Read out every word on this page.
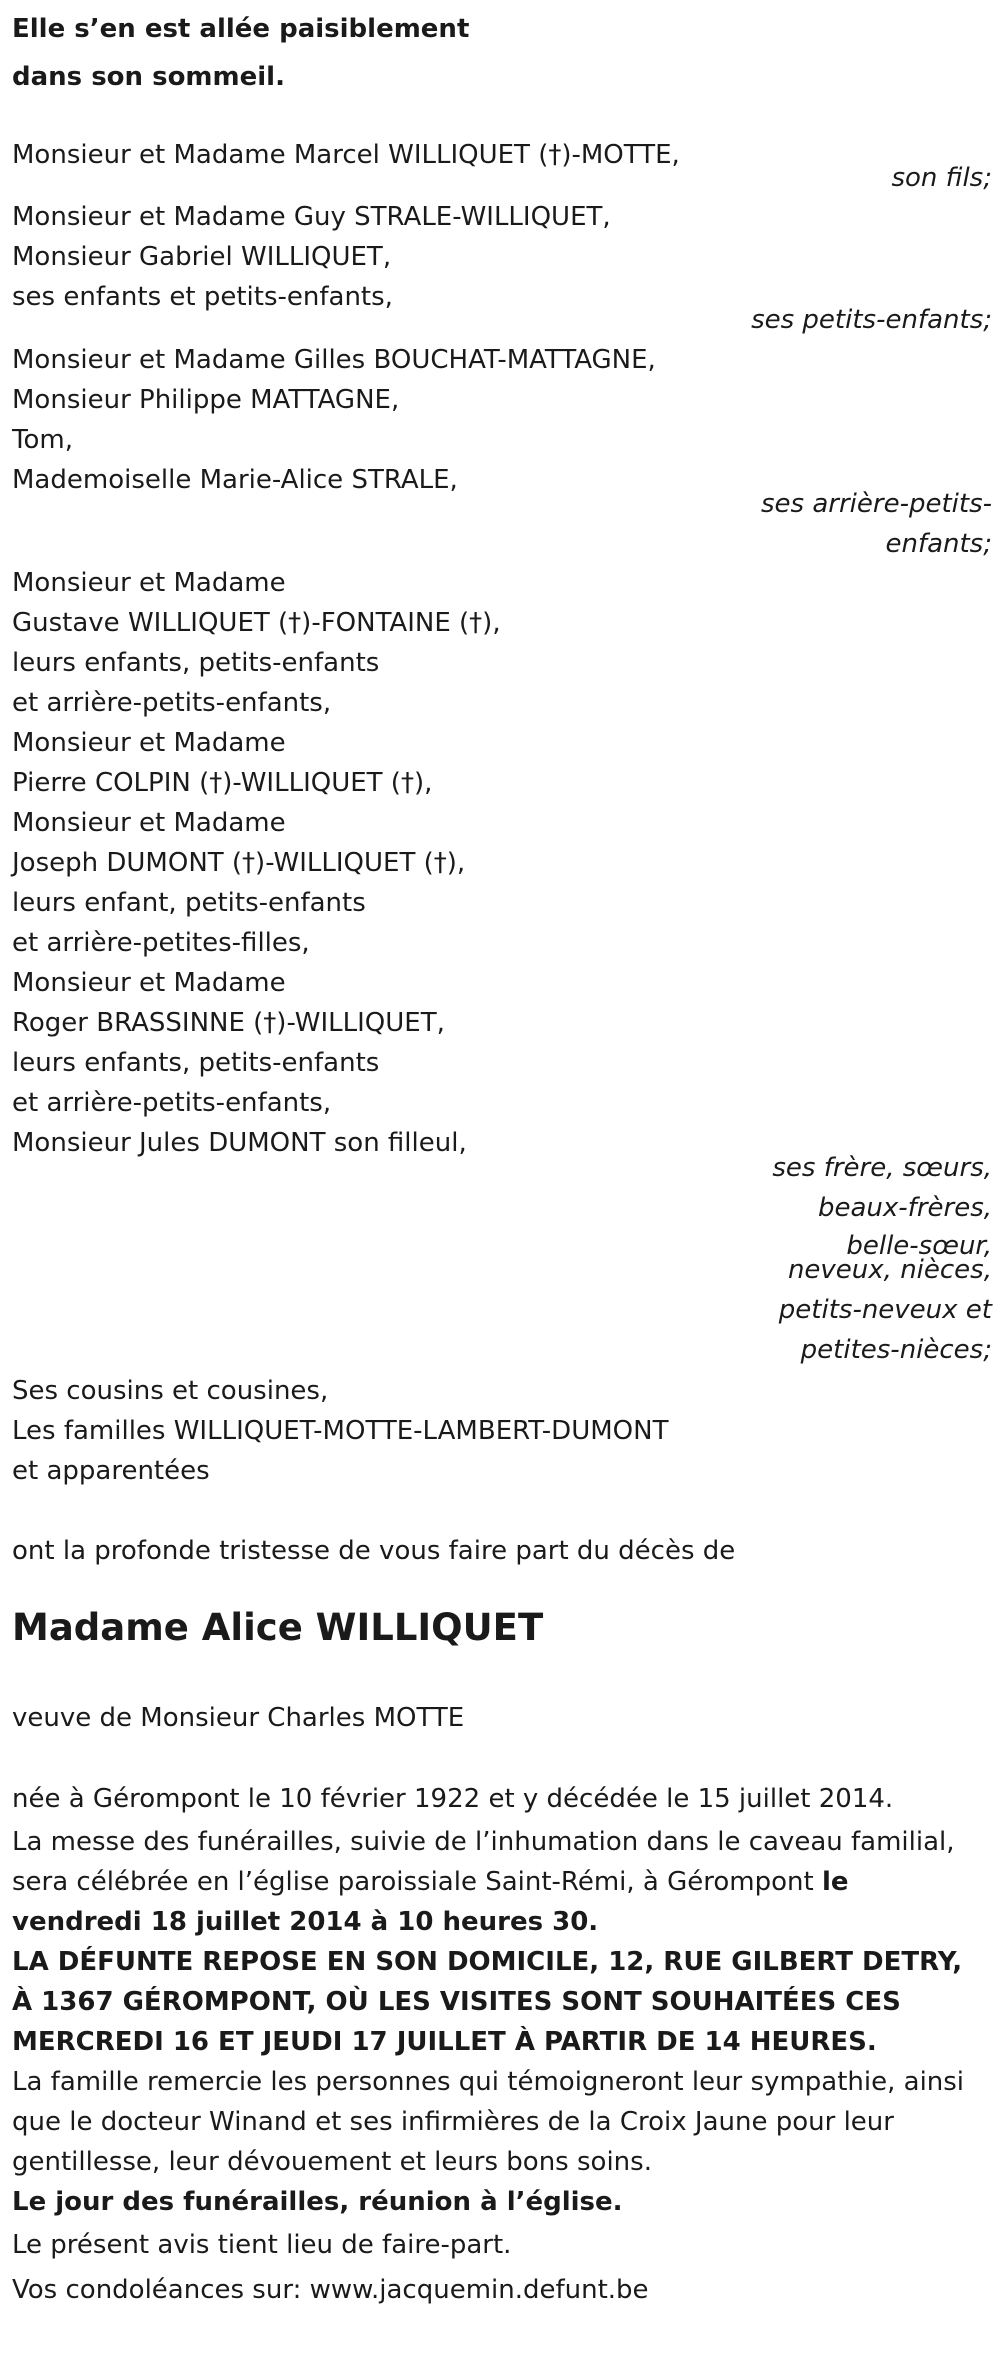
Elle s’en est allée paisiblement
dans son sommeil.
Monsieur et Madame Marcel WILLIQUET (†)-MOTTE,
son fils;
Monsieur et Madame Guy STRALE-WILLIQUET,
Monsieur Gabriel WILLIQUET,
ses enfants et petits-enfants,
ses petits-enfants;
Monsieur et Madame Gilles BOUCHAT-MATTAGNE,
Monsieur Philippe MATTAGNE,
Tom,
Mademoiselle Marie-Alice STRALE,
ses arrière-petits-
enfants;
Monsieur et Madame
Gustave WILLIQUET (†)-FONTAINE (†),
leurs enfants, petits-enfants
et arrière-petits-enfants,
Monsieur et Madame
Pierre COLPIN (†)-WILLIQUET (†),
Monsieur et Madame
Joseph DUMONT (†)-WILLIQUET (†),
leurs enfant, petits-enfants
et arrière-petites-filles,
Monsieur et Madame
Roger BRASSINNE (†)-WILLIQUET,
leurs enfants, petits-enfants
et arrière-petits-enfants,
Monsieur Jules DUMONT son filleul,
ses frère, sœurs,
beaux-frères,
belle-sœur,
neveux, nièces,
petits-neveux et
petites-nièces;
Ses cousins et cousines,
Les familles WILLIQUET-MOTTE-LAMBERT-DUMONT
et apparentées
ont la profonde tristesse de vous faire part du décès de
Madame Alice WILLIQUET
veuve de Monsieur Charles MOTTE
née à Gérompont le 10 février 1922 et y décédée le 15 juillet 2014.
La messe des funérailles, suivie de l’inhumation dans le caveau familial, sera célébrée en l’église paroissiale Saint-Rémi, à Gérompont le vendredi 18 juillet 2014 à 10 heures 30.
LA DÉFUNTE REPOSE EN SON DOMICILE, 12, RUE GILBERT DETRY, À 1367 GÉROMPONT, OÙ LES VISITES SONT SOUHAITÉES CES MERCREDI 16 ET JEUDI 17 JUILLET À PARTIR DE 14 HEURES.
La famille remercie les personnes qui témoigneront leur sympathie, ainsi que le docteur Winand et ses infirmières de la Croix Jaune pour leur gentillesse, leur dévouement et leurs bons soins.
Le jour des funérailles, réunion à l’église.
Le présent avis tient lieu de faire-part.
Vos condoléances sur: www.jacquemin.defunt.be
